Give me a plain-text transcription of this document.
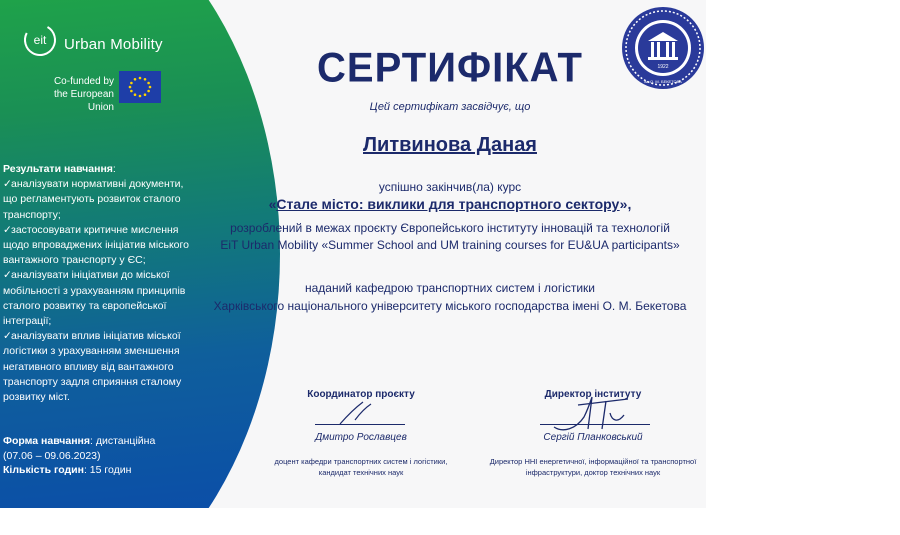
eit Urban Mobility
Co-funded by the European Union
Результати навчання:
✓аналізувати нормативні документи, що регламентують розвиток сталого транспорту;
✓застосовувати критичне мислення щодо впроваджених ініціатив міського вантажного транспорту у ЄС;
✓аналізувати ініціативи до міської мобільності з урахуванням принципів сталого розвитку та європейської інтеграції;
✓аналізувати вплив ініціатив міської логістики з урахуванням зменшення негативного впливу від вантажного транспорту задля сприяння сталому розвитку міст.
Форма навчання: дистанційна
(07.06 – 09.06.2023)
Кількість годин: 15 годин
1922
ім. О. М. БЕКЕТОВА
СЕРТИФІКАТ
Цей сертифікат засвідчує, що
Литвинова Даная
успішно закінчив(ла) курс
«Стале місто: виклики для транспортного сектору»,
розроблений в межах проєкту Європейського інституту інновацій та технологій
EiT Urban Mobility «Summer School and UM training courses for EU&UA participants»
наданий кафедрою транспортних систем і логістики
Харківського національного університету міського господарства імені О. М. Бекетова
Координатор проєкту
Дмитро Рославцев
доцент кафедри транспортних систем і логістики,
кандидат технічних наук
Директор інституту
Сергій Планковський
Директор ННІ енергетичної, інформаційної та транспортної
інфраструктури, доктор технічних наук
